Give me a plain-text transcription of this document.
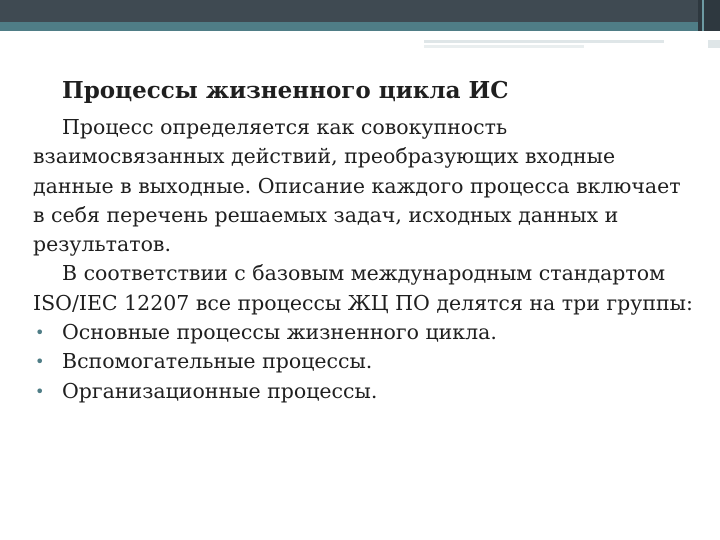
Процессы жизненного цикла ИС

Процесс определяется как совокупность взаимосвязанных действий, преобразующих входные данные в выходные. Описание каждого процесса включает в себя перечень решаемых задач, исходных данных и результатов.

В соответствии с базовым международным стандартом ISO/IEC 12207 все процессы ЖЦ ПО делятся на три группы:

• Основные процессы жизненного цикла.
• Вспомогательные процессы.
• Организационные процессы.
